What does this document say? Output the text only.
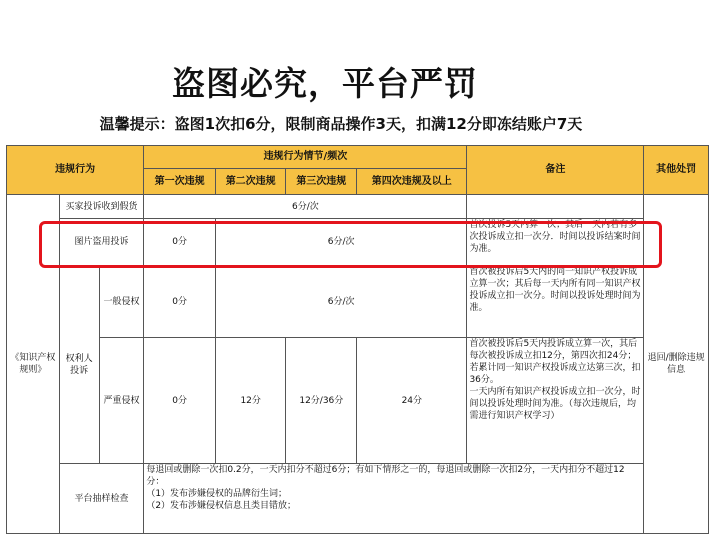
盗图必究，平台严罚
温馨提示：盗图1次扣6分，限制商品操作3天，扣满12分即冻结账户7天
违规行为			违规行为情节/频次				备注	其他处罚
			第一次违规	第二次违规	第三次违规	第四次违规及以上		
《知识产权规则》	买家投诉收到假货		6分/次					退回/删除违规信息
	图片盗用投诉		0分	6分/次			首次投诉5天内算一次；其后一天内若有多次投诉成立扣一次分．时间以投诉结案时间为准。	
	权利人投诉	一般侵权	0分	6分/次			首次被投诉后5天内的同一知识产权投诉成立算一次；其后每一天内所有同一知识产权投诉成立扣一次分。时间以投诉处理时间为准。	
		严重侵权	0分	12分	12分/36分	24分	首次被投诉后5天内投诉成立算一次，其后每次被投诉成立扣12分，第四次扣24分；若累计同一知识产权投诉成立达第三次，扣36分。
一天内所有知识产权投诉成立扣一次分，时间以投诉处理时间为准。（每次违规后，均需进行知识产权学习）	
	平台抽样检查		每退回或删除一次扣0.2分，一天内扣分不超过6分；有如下情形之一的，每退回或删除一次扣2分，一天内扣分不超过12分：
（1）发布涉嫌侵权的品牌衍生词；
（2）发布涉嫌侵权信息且类目错放；					
